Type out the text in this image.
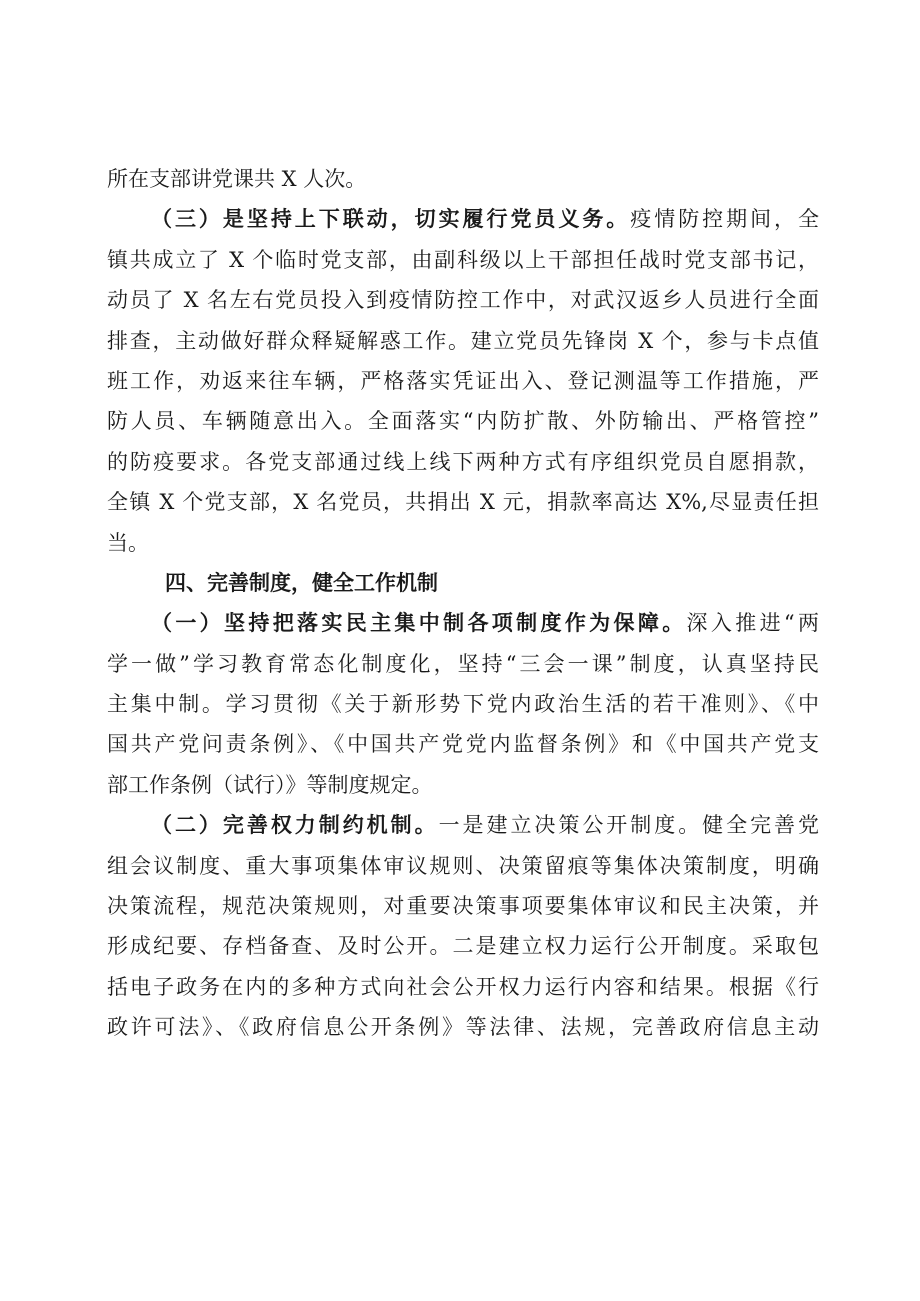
所在支部讲党课共 X 人次。
（三）是坚持上下联动，切实履行党员义务。疫情防控期间，全
镇共成立了 X 个临时党支部，由副科级以上干部担任战时党支部书记，
动员了 X 名左右党员投入到疫情防控工作中，对武汉返乡人员进行全面
排查，主动做好群众释疑解惑工作。建立党员先锋岗 X 个，参与卡点值
班工作，劝返来往车辆，严格落实凭证出入、登记测温等工作措施，严
防人员、车辆随意出入。全面落实“内防扩散、外防输出、严格管控”
的防疫要求。各党支部通过线上线下两种方式有序组织党员自愿捐款，
全镇 X 个党支部，X 名党员，共捐出 X 元，捐款率高达 X%,尽显责任担
当。
四、完善制度，健全工作机制
（一）坚持把落实民主集中制各项制度作为保障。深入推进“两
学一做”学习教育常态化制度化，坚持“三会一课”制度，认真坚持民
主集中制。学习贯彻《关于新形势下党内政治生活的若干准则》、《中
国共产党问责条例》、《中国共产党党内监督条例》和《中国共产党支
部工作条例（试行）》等制度规定。
（二）完善权力制约机制。一是建立决策公开制度。健全完善党
组会议制度、重大事项集体审议规则、决策留痕等集体决策制度，明确
决策流程，规范决策规则，对重要决策事项要集体审议和民主决策，并
形成纪要、存档备查、及时公开。二是建立权力运行公开制度。采取包
括电子政务在内的多种方式向社会公开权力运行内容和结果。根据《行
政许可法》、《政府信息公开条例》等法律、法规，完善政府信息主动
